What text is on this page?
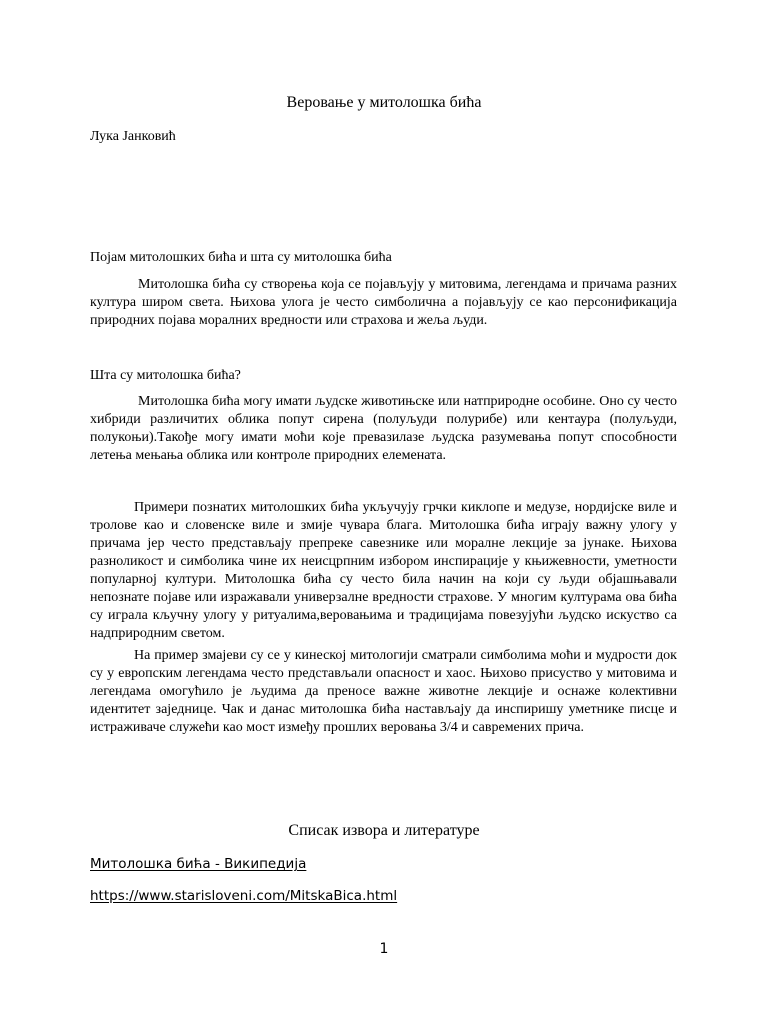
Веровање у митолошка бића
Лука Јанковић
Појам митолошких бића и шта су митолошка бића

Митолошка бића су створења која се појављују у митовима, легендама и причама разних култура широм света. Њихова улога је често симболична а појављују се као персонификација природних појава моралних вредности или страхова и жеља људи.

Шта су митолошка бића?

Митолошка бића могу имати људске животињске или натприродне особине. Оно су често хибриди различитих облика попут сирена (полуљуди полурибе) или кентаура (полуљуди, полукоњи).Такође могу имати моћи које превазилазе људска разумевања попут способности летења мењања облика или контроле природних елемената.

Примери познатих митолошких бића укључују грчки киклопе и медузе, нордијске виле и тролове као и словенске виле и змије чувара блага. Митолошка бића играју важну улогу у причама јер често представљају препреке савезнике или моралне лекције за јунаке. Њихова разноликост и симболика чине их неисцрпним избором инспирације у књижевности, уметности популарној култури. Митолошка бића су често била начин на који су људи објашњавали непознате појаве или изражавали универзалне вредности страхове. У многим културама ова бића су играла кључну улогу у ритуалима,веровањима и традицијама повезујући људско искуство са надприродним светом.

На пример змајеви су се у кинеској митологији сматрали симболима моћи и мудрости док су у европским легендама често представљали опасност и хаос. Њихово присуство у митовима и легендама омогућило је људима да преносе важне животне лекције и оснаже колективни идентитет заједнице. Чак и данас митолошка бића настављају да инспиришу уметнике писце и истраживаче служећи као мост између прошлих веровања 3/4 и савремених прича.

Списак извора и литературе
Митолошка бића - Википедија
https://www.starisloveni.com/MitskaBica.html
1
